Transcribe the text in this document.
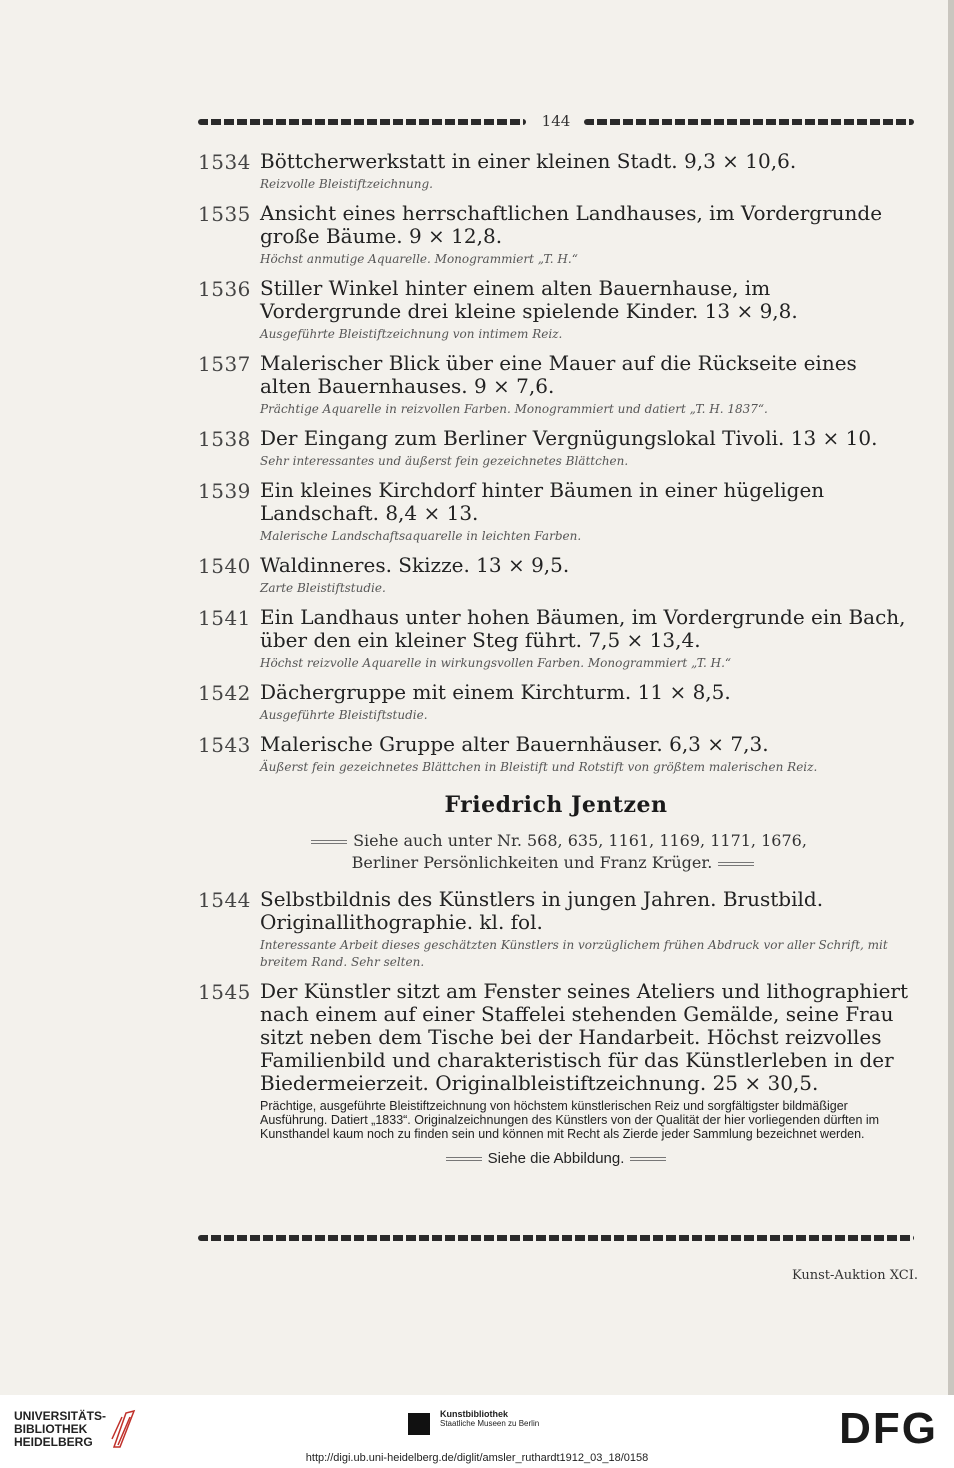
144
1534 Böttcherwerkstatt in einer kleinen Stadt. 9,3 × 10,6.
Reizvolle Bleistiftzeichnung.
1535 Ansicht eines herrschaftlichen Landhauses, im Vordergrunde große Bäume. 9 × 12,8.
Höchst anmutige Aquarelle. Monogrammiert „T. H.“
1536 Stiller Winkel hinter einem alten Bauernhause, im Vordergrunde drei kleine spielende Kinder. 13 × 9,8.
Ausgeführte Bleistiftzeichnung von intimem Reiz.
1537 Malerischer Blick über eine Mauer auf die Rückseite eines alten Bauernhauses. 9 × 7,6.
Prächtige Aquarelle in reizvollen Farben. Monogrammiert und datiert „T. H. 1837“.
1538 Der Eingang zum Berliner Vergnügungslokal Tivoli. 13 × 10.
Sehr interessantes und äußerst fein gezeichnetes Blättchen.
1539 Ein kleines Kirchdorf hinter Bäumen in einer hügeligen Landschaft. 8,4 × 13.
Malerische Landschaftsaquarelle in leichten Farben.
1540 Waldinneres. Skizze. 13 × 9,5.
Zarte Bleistiftstudie.
1541 Ein Landhaus unter hohen Bäumen, im Vordergrunde ein Bach, über den ein kleiner Steg führt. 7,5 × 13,4.
Höchst reizvolle Aquarelle in wirkungsvollen Farben. Monogrammiert „T. H.“
1542 Dächergruppe mit einem Kirchturm. 11 × 8,5.
Ausgeführte Bleistiftstudie.
1543 Malerische Gruppe alter Bauernhäuser. 6,3 × 7,3.
Äußerst fein gezeichnetes Blättchen in Bleistift und Rotstift von größtem malerischen Reiz.
Friedrich Jentzen
Siehe auch unter Nr. 568, 635, 1161, 1169, 1171, 1676,
Berliner Persönlichkeiten und Franz Krüger.
1544 Selbstbildnis des Künstlers in jungen Jahren. Brustbild. Originallithographie. kl. fol.
Interessante Arbeit dieses geschätzten Künstlers in vorzüglichem frühen Abdruck vor aller Schrift, mit breitem Rand. Sehr selten.
1545 Der Künstler sitzt am Fenster seines Ateliers und lithographiert nach einem auf einer Staffelei stehenden Gemälde, seine Frau sitzt neben dem Tische bei der Handarbeit. Höchst reizvolles Familienbild und charakteristisch für das Künstlerleben in der Biedermeierzeit. Originalbleistiftzeichnung. 25 × 30,5.
Prächtige, ausgeführte Bleistiftzeichnung von höchstem künstlerischen Reiz und sorgfältigster bildmäßiger Ausführung. Datiert „1833“. Originalzeichnungen des Künstlers von der Qualität der hier vorliegenden dürften im Kunsthandel kaum noch zu finden sein und können mit Recht als Zierde jeder Sammlung bezeichnet werden.
Siehe die Abbildung.
Kunst-Auktion XCI.
UNIVERSITÄTS-
BIBLIOTHEK
HEIDELBERG
Kunstbibliothek
Staatliche Museen zu Berlin	DFG
http://digi.ub.uni-heidelberg.de/diglit/amsler_ruthardt1912_03_18/0158
